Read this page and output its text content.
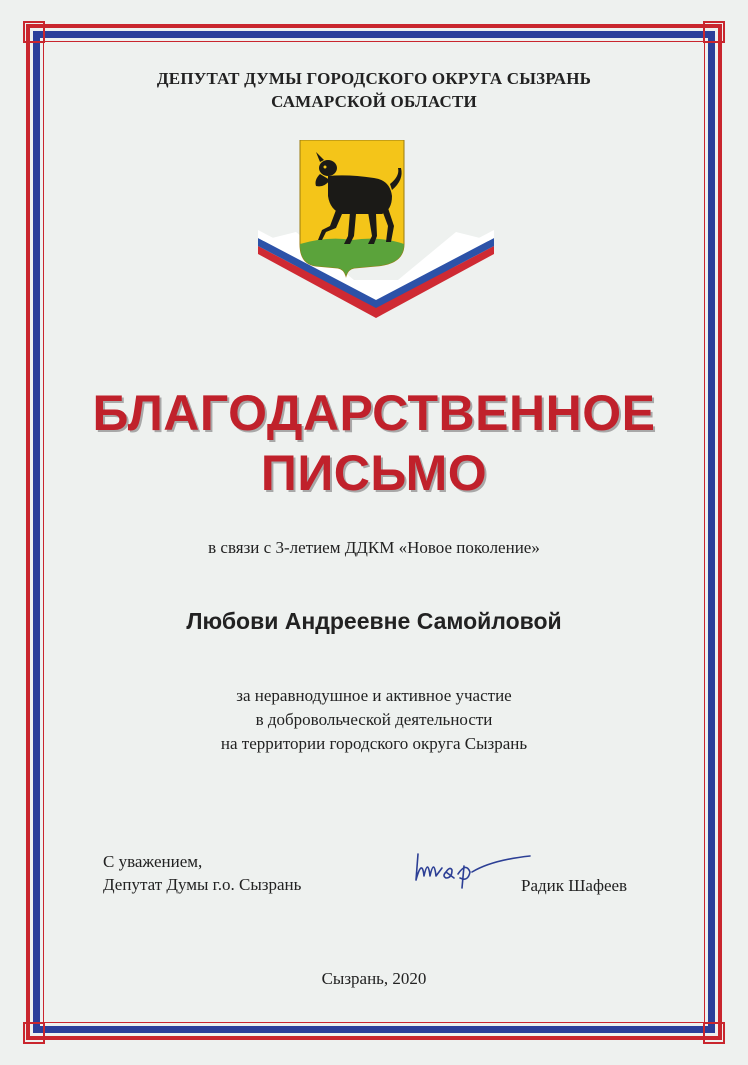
ДЕПУТАТ ДУМЫ ГОРОДСКОГО ОКРУГА СЫЗРАНЬ
САМАРСКОЙ ОБЛАСТИ
БЛАГОДАРСТВЕННОЕ
ПИСЬМО
в связи с 3-летием ДДКМ «Новое поколение»
Любови Андреевне Самойловой
за неравнодушное и активное участие
в добровольческой деятельности
на территории городского округа Сызрань
С уважением,
Депутат Думы г.о. Сызрань	Радик Шафеев
Сызрань, 2020
